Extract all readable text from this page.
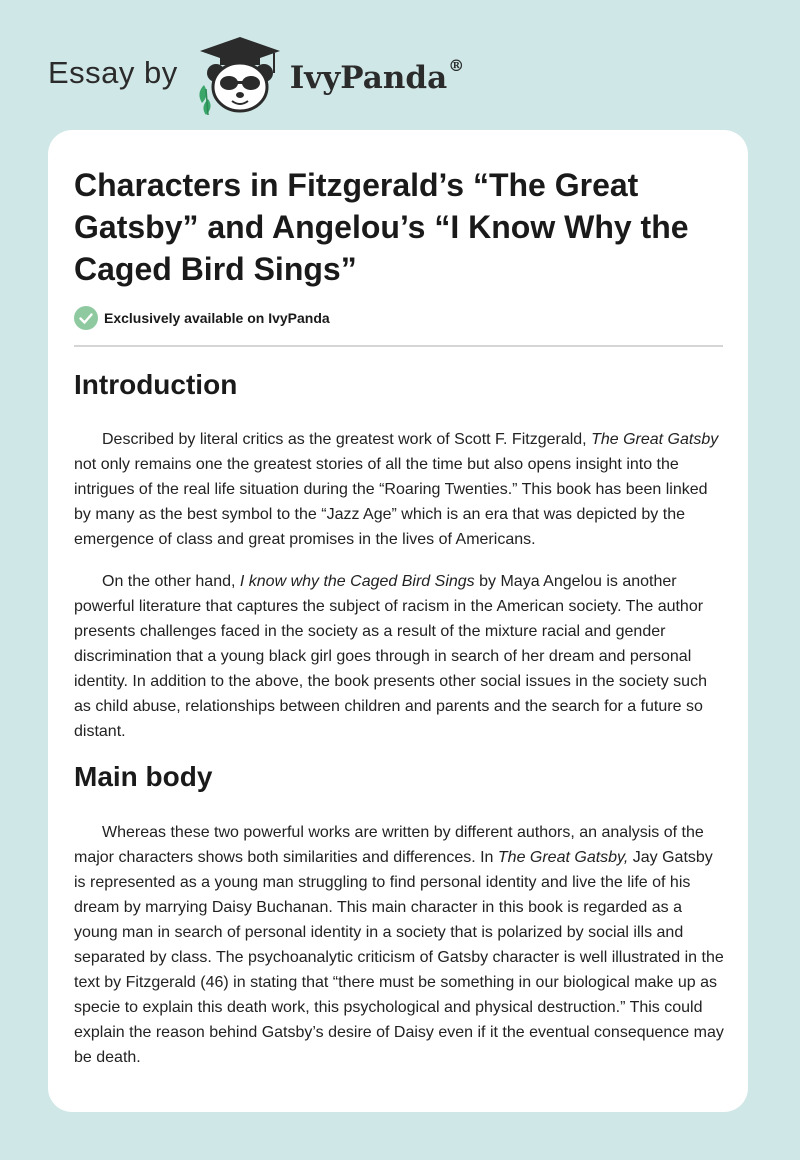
Essay by	IvyPanda®
Characters in Fitzgerald’s “The Great Gatsby” and Angelou’s “I Know Why the Caged Bird Sings”
Exclusively available on IvyPanda
Introduction

Described by literal critics as the greatest work of Scott F. Fitzgerald, The Great Gatsby not only remains one the greatest stories of all the time but also opens insight into the intrigues of the real life situation during the “Roaring Twenties.” This book has been linked by many as the best symbol to the “Jazz Age” which is an era that was depicted by the emergence of class and great promises in the lives of Americans.

On the other hand, I know why the Caged Bird Sings by Maya Angelou is another powerful literature that captures the subject of racism in the American society. The author presents challenges faced in the society as a result of the mixture racial and gender discrimination that a young black girl goes through in search of her dream and personal identity. In addition to the above, the book presents other social issues in the society such as child abuse, relationships between children and parents and the search for a future so distant.

Main body

Whereas these two powerful works are written by different authors, an analysis of the major characters shows both similarities and differences. In The Great Gatsby, Jay Gatsby is represented as a young man struggling to find personal identity and live the life of his dream by marrying Daisy Buchanan. This main character in this book is regarded as a young man in search of personal identity in a society that is polarized by social ills and separated by class. The psychoanalytic criticism of Gatsby character is well illustrated in the text by Fitzgerald (46) in stating that “there must be something in our biological make up as specie to explain this death work, this psychological and physical destruction.” This could explain the reason behind Gatsby’s desire of Daisy even if it the eventual consequence may be death.
